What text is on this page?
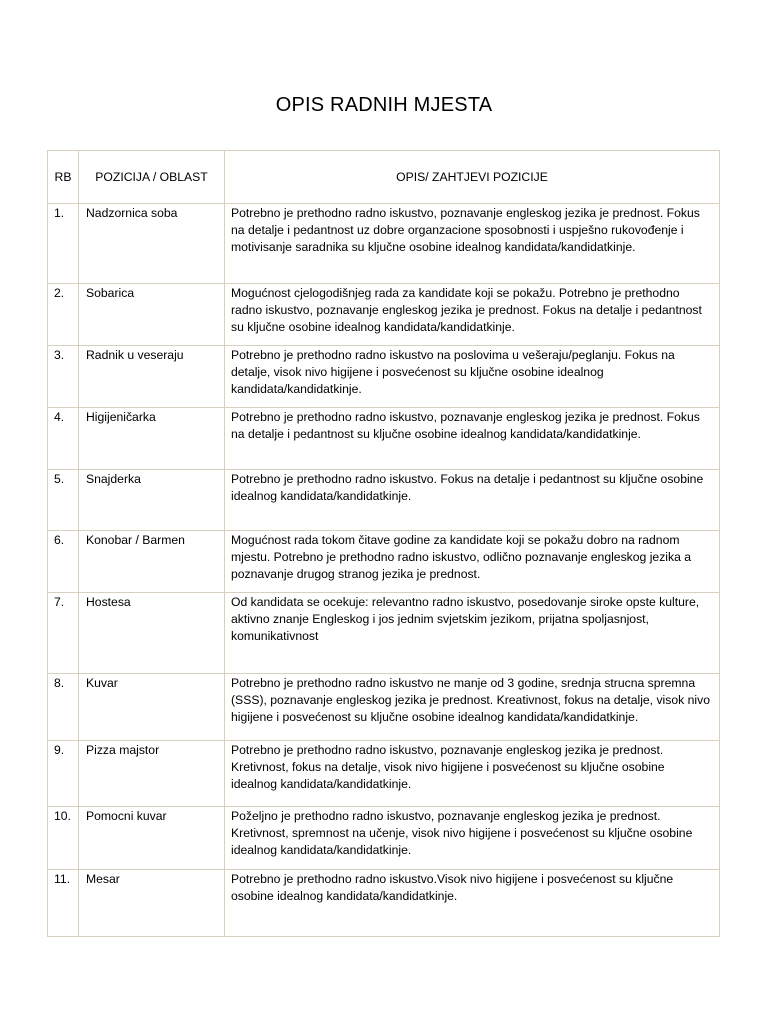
OPIS RADNIH MJESTA
RB	POZICIJA / OBLAST	OPIS/ ZAHTJEVI POZICIJE
1.	Nadzornica soba	Potrebno je prethodno radno iskustvo, poznavanje engleskog jezika je prednost. Fokus na detalje i pedantnost uz dobre organzacione sposobnosti i uspješno rukovođenje i motivisanje saradnika su ključne osobine idealnog kandidata/kandidatkinje.
2.	Sobarica	Mogućnost cjelogodišnjeg rada za kandidate koji se pokažu. Potrebno je prethodno radno iskustvo, poznavanje engleskog jezika je prednost. Fokus na detalje i pedantnost su ključne osobine idealnog kandidata/kandidatkinje.
3.	Radnik u veseraju	Potrebno je prethodno radno iskustvo na poslovima u vešeraju/peglanju. Fokus na detalje, visok nivo higijene i posvećenost su ključne osobine idealnog kandidata/kandidatkinje.
4.	Higijeničarka	Potrebno je prethodno radno iskustvo, poznavanje engleskog jezika je prednost. Fokus na detalje i pedantnost su ključne osobine idealnog kandidata/kandidatkinje.
5.	Snajderka	Potrebno je prethodno radno iskustvo. Fokus na detalje i pedantnost su ključne osobine idealnog kandidata/kandidatkinje.
6.	Konobar / Barmen	Mogućnost rada tokom čitave godine za kandidate koji se pokažu dobro na radnom mjestu. Potrebno je prethodno radno iskustvo, odlično poznavanje engleskog jezika a poznavanje drugog stranog jezika je prednost.
7.	Hostesa	Od kandidata se ocekuje: relevantno radno iskustvo, posedovanje siroke opste kulture, aktivno znanje Engleskog i jos jednim svjetskim jezikom, prijatna spoljasnjost, komunikativnost
8.	Kuvar	Potrebno je prethodno radno iskustvo ne manje od 3 godine, srednja strucna spremna (SSS), poznavanje engleskog jezika je prednost. Kreativnost, fokus na detalje, visok nivo higijene i posvećenost su ključne osobine idealnog kandidata/kandidatkinje.
9.	Pizza majstor	Potrebno je prethodno radno iskustvo, poznavanje engleskog jezika je prednost. Kretivnost, fokus na detalje, visok nivo higijene i posvećenost su ključne osobine idealnog kandidata/kandidatkinje.
10.	Pomocni kuvar	Poželjno je prethodno radno iskustvo, poznavanje engleskog jezika je prednost. Kretivnost, spremnost na učenje, visok nivo higijene i posvećenost su ključne osobine idealnog kandidata/kandidatkinje.
11.	Mesar	Potrebno je prethodno radno iskustvo.Visok nivo higijene i posvećenost su ključne osobine idealnog kandidata/kandidatkinje.
